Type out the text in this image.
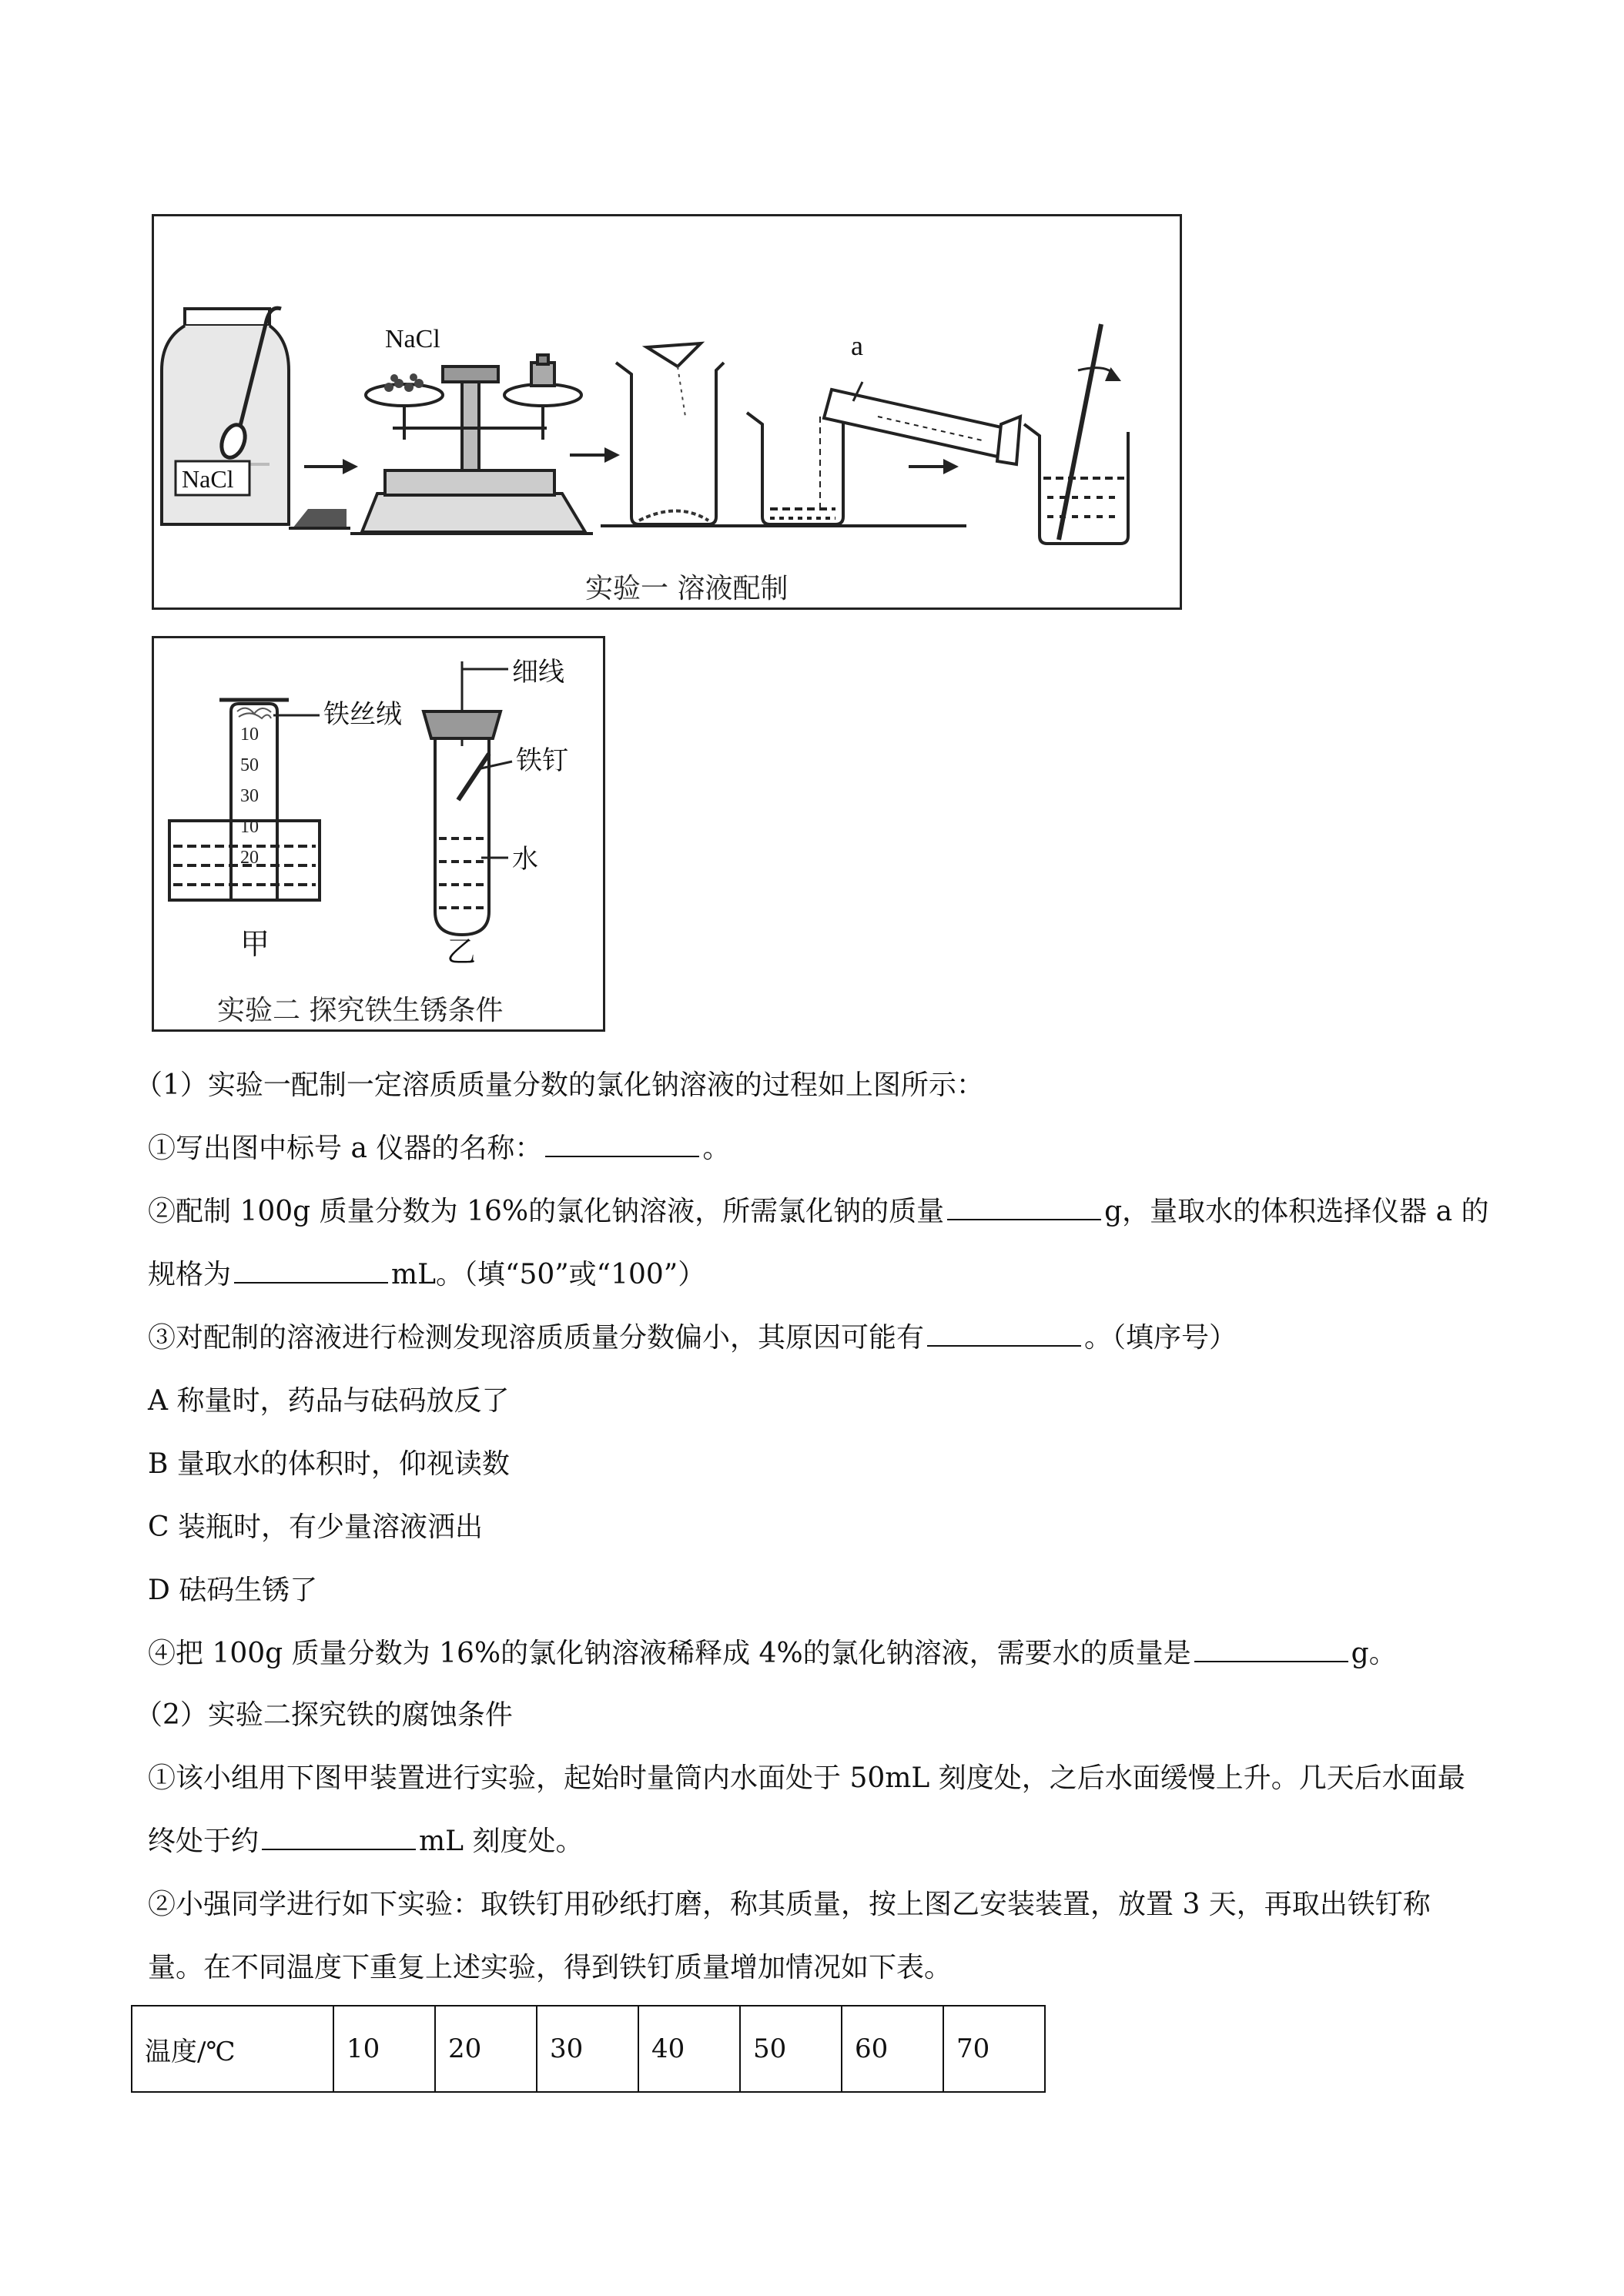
NaCl
NaCl	a
实验一 溶液配制
铁丝绒
10
50
30
10
20
甲
细线
铁钉
水
乙
实验二 探究铁生锈条件
（1）实验一配制一定溶质质量分数的氯化钠溶液的过程如上图所示：
①写出图中标号 a 仪器的名称：	。
②配制 100g 质量分数为 16%的氯化钠溶液，所需氯化钠的质量	g，量取水的体积选择仪器 a 的
规格为	mL。（填“50”或“100”）
③对配制的溶液进行检测发现溶质质量分数偏小，其原因可能有	。（填序号）
A 称量时，药品与砝码放反了
B 量取水的体积时，仰视读数
C 装瓶时，有少量溶液洒出
D 砝码生锈了
④把 100g 质量分数为 16%的氯化钠溶液稀释成 4%的氯化钠溶液，需要水的质量是	g。
（2）实验二探究铁的腐蚀条件
①该小组用下图甲装置进行实验，起始时量筒内水面处于 50mL 刻度处，之后水面缓慢上升。几天后水面最
终处于约	mL 刻度处。
②小强同学进行如下实验：取铁钉用砂纸打磨，称其质量，按上图乙安装装置，放置 3 天，再取出铁钉称
量。在不同温度下重复上述实验，得到铁钉质量增加情况如下表。
温度/℃	10	20	30	40	50	60	70
